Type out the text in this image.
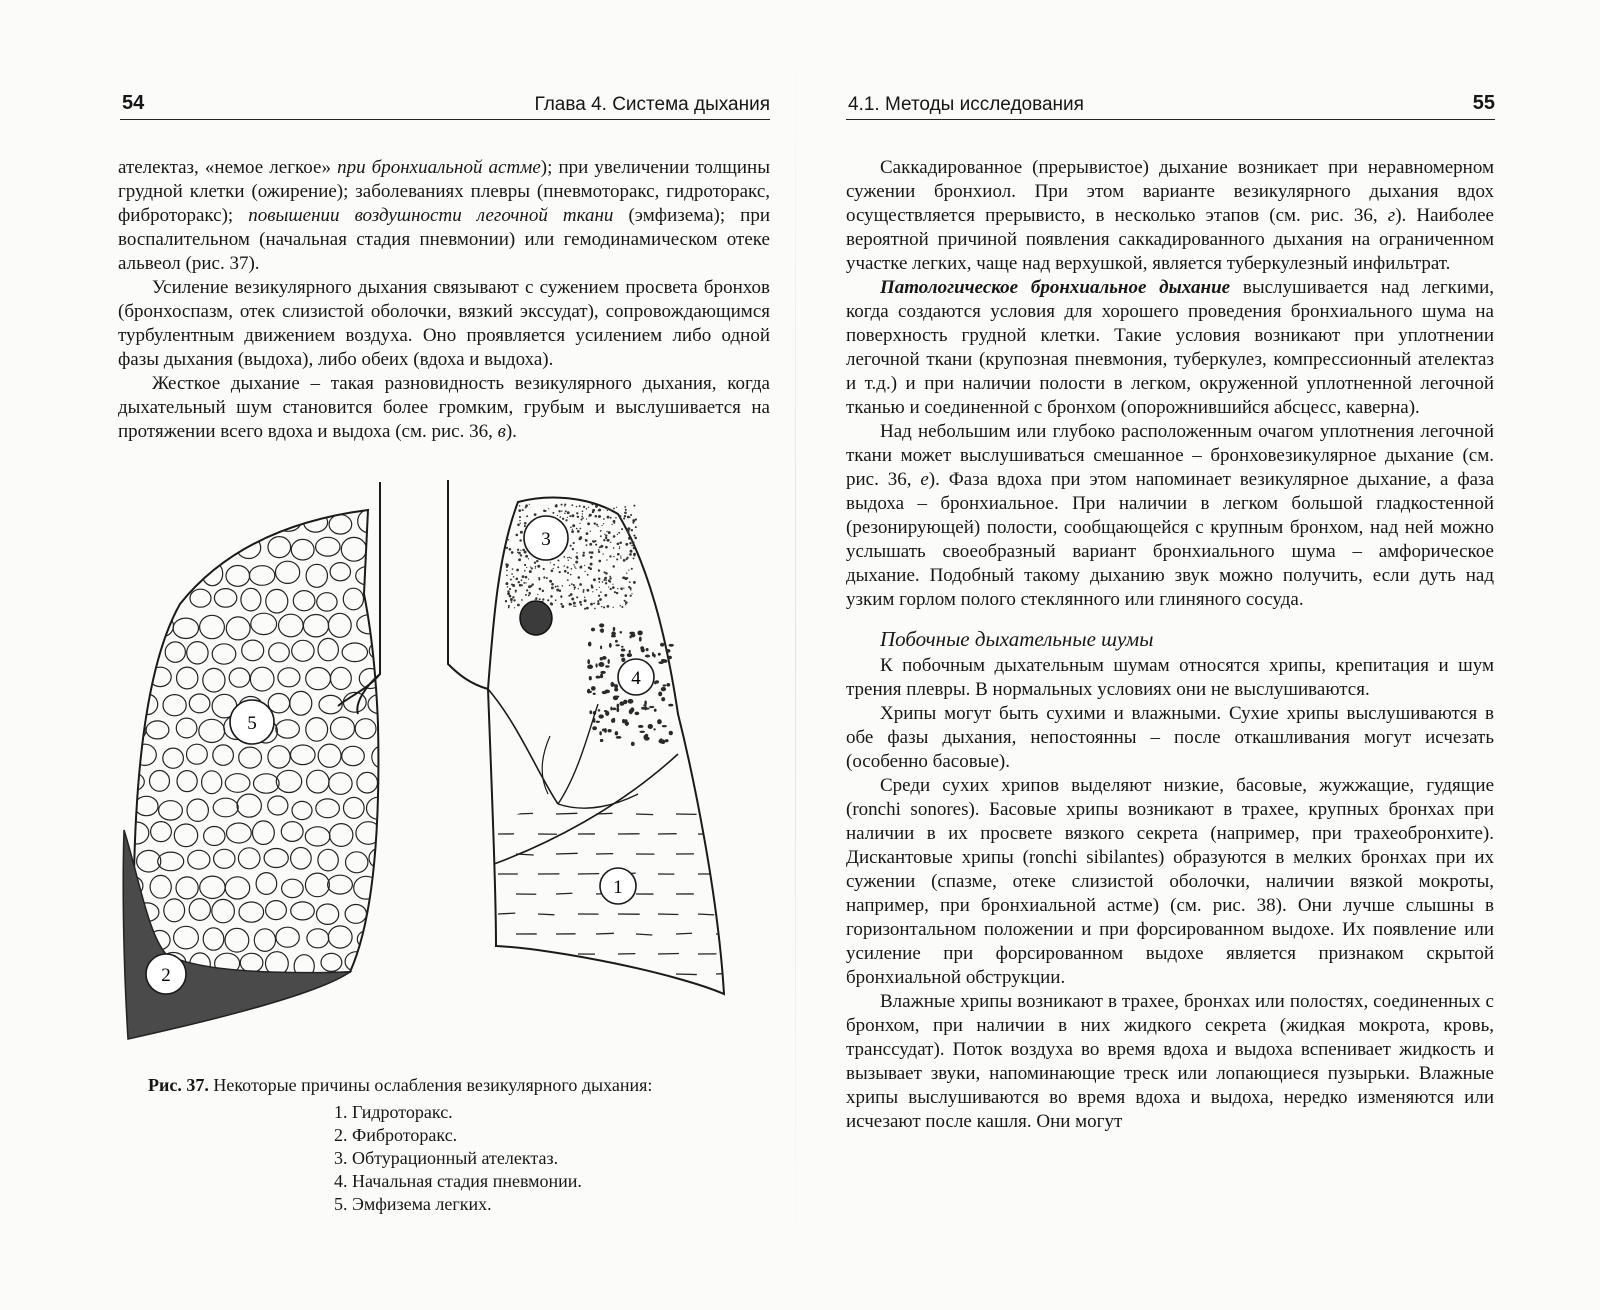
54	Глава 4. Система дыхания

ателектаз, «немое легкое» при бронхиальной астме); при увеличении толщины грудной клетки (ожирение); заболеваниях плевры (пневмоторакс, гидроторакс, фиброторакс); повышении воздушности легочной ткани (эмфизема); при воспалительном (начальная стадия пневмонии) или гемодинамическом отеке альвеол (рис. 37).

Усиление везикулярного дыхания связывают с сужением просвета бронхов (бронхоспазм, отек слизистой оболочки, вязкий экссудат), сопровождающимся турбулентным движением воздуха. Оно проявляется усилением либо одной фазы дыхания (выдоха), либо обеих (вдоха и выдоха).

Жесткое дыхание – такая разновидность везикулярного дыхания, когда дыхательный шум становится более громким, грубым и выслушивается на протяжении всего вдоха и выдоха (см. рис. 36, в).

1
2
3
4
5
Рис. 37. Некоторые причины ослабления везикулярного дыхания:
1. Гидроторакс.
2. Фиброторакс.
3. Обтурационный ателектаз.
4. Начальная стадия пневмонии.
5. Эмфизема легких.
4.1. Методы исследования	55

Саккадированное (прерывистое) дыхание возникает при неравномерном сужении бронхиол. При этом варианте везикулярного дыхания вдох осуществляется прерывисто, в несколько этапов (см. рис. 36, г). Наиболее вероятной причиной появления саккадированного дыхания на ограниченном участке легких, чаще над верхушкой, является туберкулезный инфильтрат.

Патологическое бронхиальное дыхание выслушивается над легкими, когда создаются условия для хорошего проведения бронхиального шума на поверхность грудной клетки. Такие условия возникают при уплотнении легочной ткани (крупозная пневмония, туберкулез, компрессионный ателектаз и т.д.) и при наличии полости в легком, окруженной уплотненной легочной тканью и соединенной с бронхом (опорожнившийся абсцесс, каверна).

Над небольшим или глубоко расположенным очагом уплотнения легочной ткани может выслушиваться смешанное – бронховезикулярное дыхание (см. рис. 36, е). Фаза вдоха при этом напоминает везикулярное дыхание, а фаза выдоха – бронхиальное. При наличии в легком большой гладкостенной (резонирующей) полости, сообщающейся с крупным бронхом, над ней можно услышать своеобразный вариант бронхиального шума – амфорическое дыхание. Подобный такому дыханию звук можно получить, если дуть над узким горлом полого стеклянного или глиняного сосуда.

Побочные дыхательные шумы

К побочным дыхательным шумам относятся хрипы, крепитация и шум трения плевры. В нормальных условиях они не выслушиваются.

Хрипы могут быть сухими и влажными. Сухие хрипы выслушиваются в обе фазы дыхания, непостоянны – после откашливания могут исчезать (особенно басовые).

Среди сухих хрипов выделяют низкие, басовые, жужжащие, гудящие (ronchi sonores). Басовые хрипы возникают в трахее, крупных бронхах при наличии в их просвете вязкого секрета (например, при трахеобронхите). Дискантовые хрипы (ronchi sibilantes) образуются в мелких бронхах при их сужении (спазме, отеке слизистой оболочки, наличии вязкой мокроты, например, при бронхиальной астме) (см. рис. 38). Они лучше слышны в горизонтальном положении и при форсированном выдохе. Их появление или усиление при форсированном выдохе является признаком скрытой бронхиальной обструкции.

Влажные хрипы возникают в трахее, бронхах или полостях, соединенных с бронхом, при наличии в них жидкого секрета (жидкая мокрота, кровь, транссудат). Поток воздуха во время вдоха и выдоха вспенивает жидкость и вызывает звуки, напоминающие треск или лопающиеся пузырьки. Влажные хрипы выслушиваются во время вдоха и выдоха, нередко изменяются или исчезают после кашля. Они могут
